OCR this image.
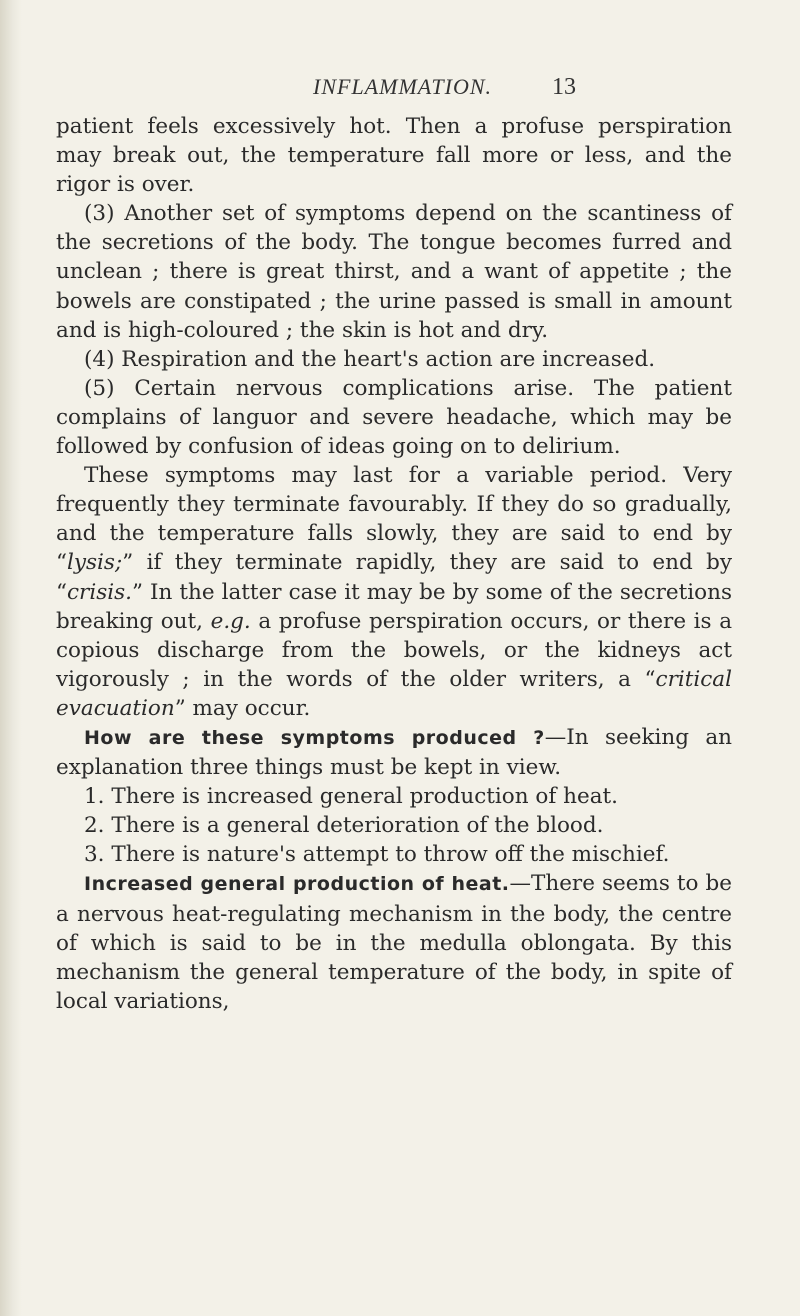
INFLAMMATION. 13

patient feels excessively hot. Then a profuse perspiration may break out, the temperature fall more or less, and the rigor is over.

(3) Another set of symptoms depend on the scantiness of the secretions of the body. The tongue becomes furred and unclean ; there is great thirst, and a want of appetite ; the bowels are constipated ; the urine passed is small in amount and is high-coloured ; the skin is hot and dry.

(4) Respiration and the heart's action are increased.

(5) Certain nervous complications arise. The patient complains of languor and severe headache, which may be followed by confusion of ideas going on to delirium.

These symptoms may last for a variable period. Very frequently they terminate favourably. If they do so gradually, and the temperature falls slowly, they are said to end by “lysis;” if they terminate rapidly, they are said to end by “crisis.” In the latter case it may be by some of the secretions breaking out, e.g. a profuse perspiration occurs, or there is a copious discharge from the bowels, or the kidneys act vigorously ; in the words of the older writers, a “critical evacuation” may occur.

How are these symptoms produced ?—In seeking an explanation three things must be kept in view.

1. There is increased general production of heat.

2. There is a general deterioration of the blood.

3. There is nature's attempt to throw off the mischief.

Increased general production of heat.—There seems to be a nervous heat-regulating mechanism in the body, the centre of which is said to be in the medulla oblongata. By this mechanism the general temperature of the body, in spite of local variations,
